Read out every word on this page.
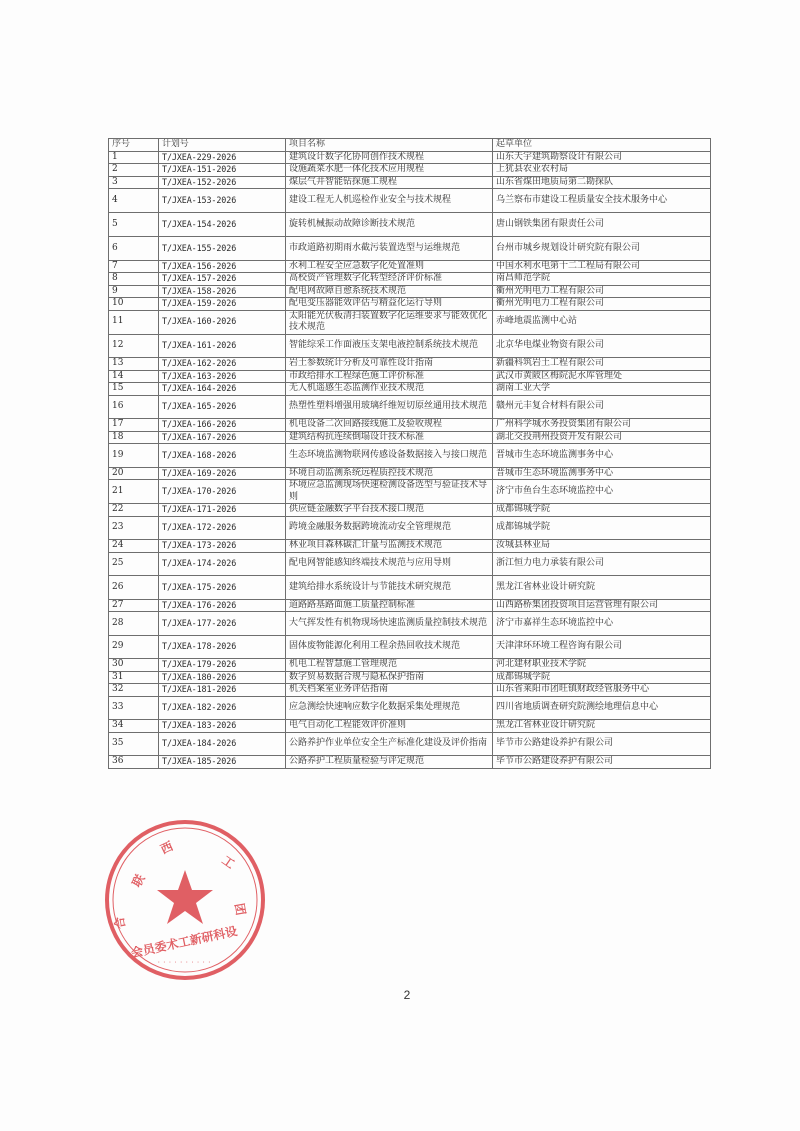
序号	计划号	项目名称	起草单位
1	T/JXEA-229-2026	建筑设计数字化协同创作技术规程	山东天宇建筑勘察设计有限公司
2	T/JXEA-151-2026	设施蔬菜水肥一体化技术应用规程	上犹县农业农村局
3	T/JXEA-152-2026	煤层气井智能钻探施工规程	山东省煤田地质局第二勘探队
4	T/JXEA-153-2026	建设工程无人机巡检作业安全与技术规程	乌兰察布市建设工程质量安全技术服务中心
5	T/JXEA-154-2026	旋转机械振动故障诊断技术规范	唐山钢铁集团有限责任公司
6	T/JXEA-155-2026	市政道路初期雨水截污装置选型与运维规范	台州市城乡规划设计研究院有限公司
7	T/JXEA-156-2026	水利工程安全应急数字化处置准则	中国水利水电第十二工程局有限公司
8	T/JXEA-157-2026	高校资产管理数字化转型经济评价标准	南昌师范学院
9	T/JXEA-158-2026	配电网故障自愈系统技术规范	衢州光明电力工程有限公司
10	T/JXEA-159-2026	配电变压器能效评估与精益化运行导则	衢州光明电力工程有限公司
11	T/JXEA-160-2026	太阳能光伏板清扫装置数字化运维要求与能效优化技术规范	赤峰地震监测中心站
12	T/JXEA-161-2026	智能综采工作面液压支架电液控制系统技术规范	北京华电煤业物资有限公司
13	T/JXEA-162-2026	岩土参数统计分析及可靠性设计指南	新疆科筑岩土工程有限公司
14	T/JXEA-163-2026	市政给排水工程绿色施工评价标准	武汉市黄陂区梅院泥水库管理处
15	T/JXEA-164-2026	无人机遥感生态监测作业技术规范	湖南工业大学
16	T/JXEA-165-2026	热塑性塑料增强用玻璃纤维短切原丝通用技术规范	赣州元丰复合材料有限公司
17	T/JXEA-166-2026	机电设备二次回路接线施工及验收规程	广州科学城水务投资集团有限公司
18	T/JXEA-167-2026	建筑结构抗连续倒塌设计技术标准	湖北交投荆州投资开发有限公司
19	T/JXEA-168-2026	生态环境监测物联网传感设备数据接入与接口规范	晋城市生态环境监测事务中心
20	T/JXEA-169-2026	环境自动监测系统远程质控技术规范	晋城市生态环境监测事务中心
21	T/JXEA-170-2026	环境应急监测现场快速检测设备选型与验证技术导则	济宁市鱼台生态环境监控中心
22	T/JXEA-171-2026	供应链金融数字平台技术接口规范	成都锦城学院
23	T/JXEA-172-2026	跨境金融服务数据跨境流动安全管理规范	成都锦城学院
24	T/JXEA-173-2026	林业项目森林碳汇计量与监测技术规范	汝城县林业局
25	T/JXEA-174-2026	配电网智能感知终端技术规范与应用导则	浙江恒力电力承装有限公司
26	T/JXEA-175-2026	建筑给排水系统设计与节能技术研究规范	黑龙江省林业设计研究院
27	T/JXEA-176-2026	道路路基路面施工质量控制标准	山西路桥集团投资项目运营管理有限公司
28	T/JXEA-177-2026	大气挥发性有机物现场快速监测质量控制技术规范	济宁市嘉祥生态环境监控中心
29	T/JXEA-178-2026	固体废物能源化利用工程余热回收技术规范	天津津环环境工程咨询有限公司
30	T/JXEA-179-2026	机电工程智慧施工管理规范	河北建材职业技术学院
31	T/JXEA-180-2026	数字贸易数据合规与隐私保护指南	成都锦城学院
32	T/JXEA-181-2026	机关档案室业务评估指南	山东省莱阳市团旺镇财政经管服务中心
33	T/JXEA-182-2026	应急测绘快速响应数字化数据采集处理规范	四川省地质调查研究院测绘地理信息中心
34	T/JXEA-183-2026	电气自动化工程能效评价准则	黑龙江省林业设计研究院
35	T/JXEA-184-2026	公路养护作业单位安全生产标准化建设及评价指南	毕节市公路建设养护有限公司
36	T/JXEA-185-2026	公路养护工程质量检验与评定规范	毕节市公路建设养护有限公司
会员委术工新研科设
··········
联
西
工
团
合
2
